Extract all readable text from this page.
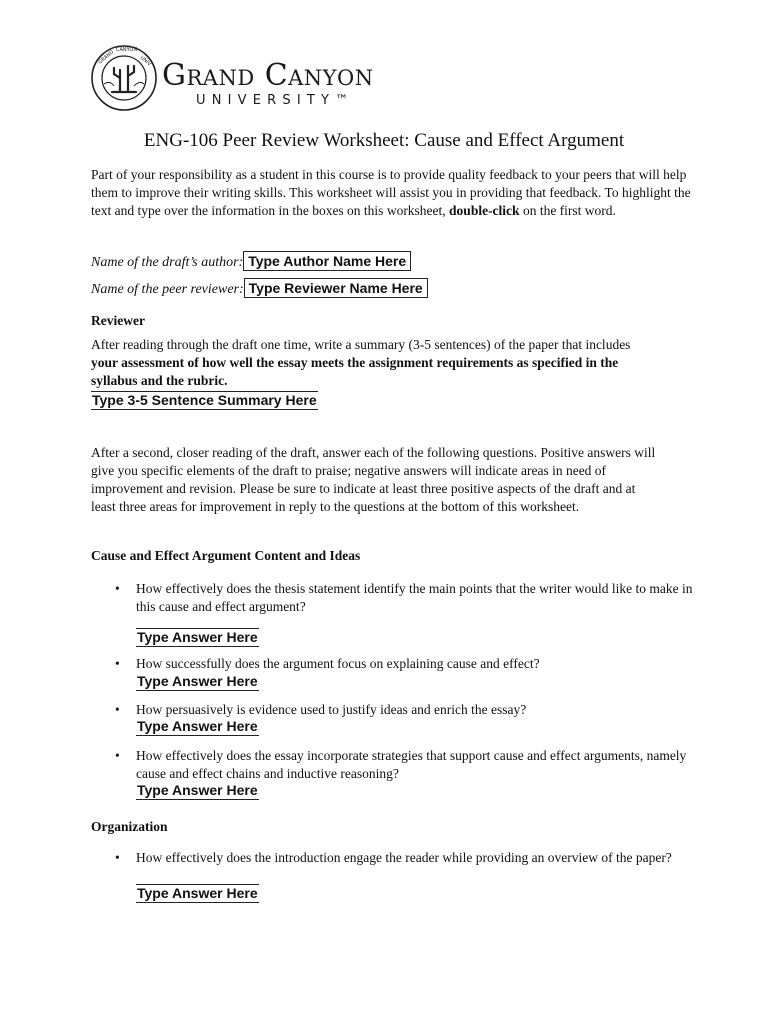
GRAND CANYON
UNIV Grand Canyon
UNIVERSITY™
ENG-106 Peer Review Worksheet: Cause and Effect Argument
Part of your responsibility as a student in this course is to provide quality feedback to your peers that will help them to improve their writing skills. This worksheet will assist you in providing that feedback. To highlight the text and type over the information in the boxes on this worksheet, double-click on the first word.
Name of the draft’s author: Type Author Name Here
Name of the peer reviewer: Type Reviewer Name Here
Reviewer
After reading through the draft one time, write a summary (3-5 sentences) of the paper that includes your assessment of how well the essay meets the assignment requirements as specified in the syllabus and the rubric.
Type 3-5 Sentence Summary Here
After a second, closer reading of the draft, answer each of the following questions. Positive answers will give you specific elements of the draft to praise; negative answers will indicate areas in need of improvement and revision. Please be sure to indicate at least three positive aspects of the draft and at least three areas for improvement in reply to the questions at the bottom of this worksheet.
Cause and Effect Argument Content and Ideas
• How effectively does the thesis statement identify the main points that the writer would like to make in this cause and effect argument?
Type Answer Here
• How successfully does the argument focus on explaining cause and effect?
Type Answer Here
• How persuasively is evidence used to justify ideas and enrich the essay?
Type Answer Here
• How effectively does the essay incorporate strategies that support cause and effect arguments, namely cause and effect chains and inductive reasoning?
Type Answer Here
Organization
• How effectively does the introduction engage the reader while providing an overview of the paper?
Type Answer Here
